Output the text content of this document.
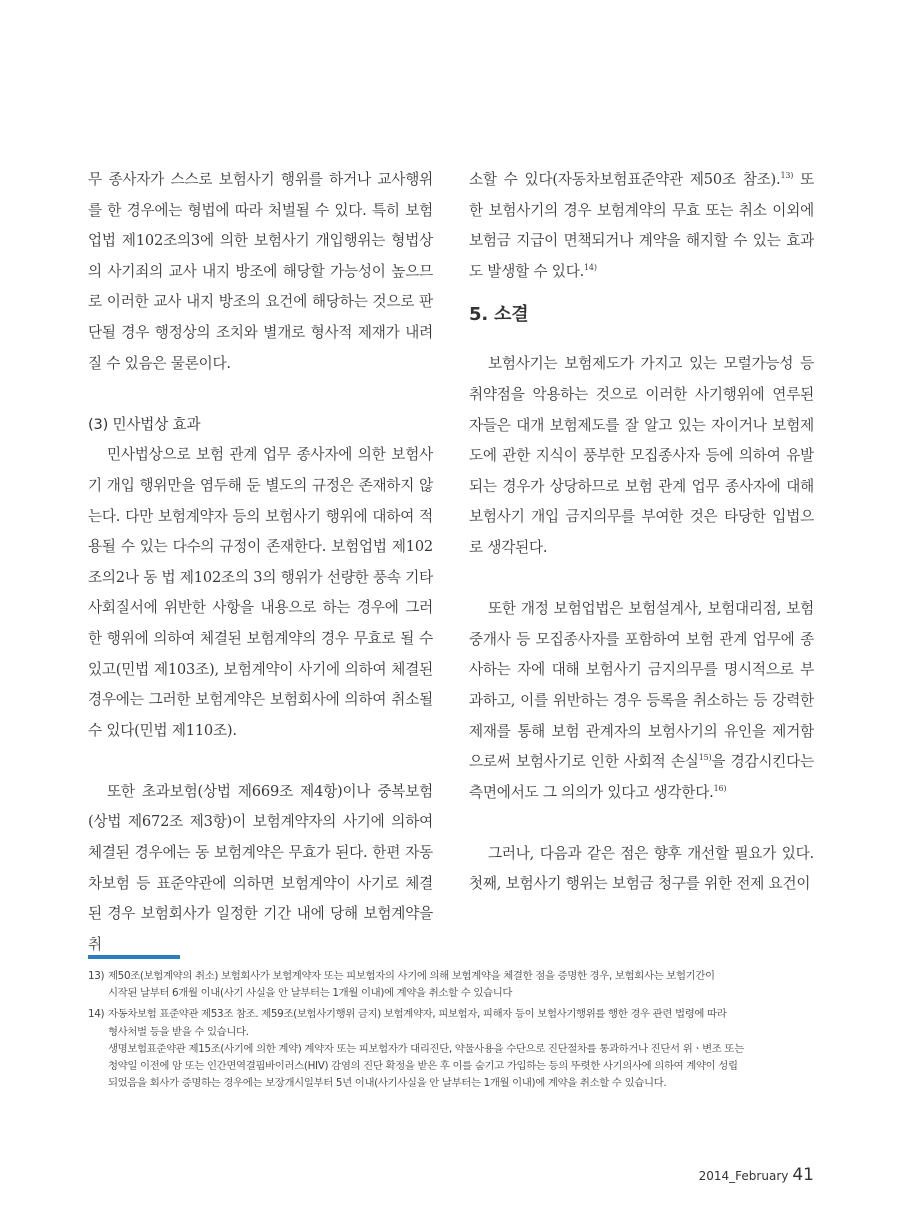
무 종사자가 스스로 보험사기 행위를 하거나 교사행위를 한 경우에는 형법에 따라 처벌될 수 있다. 특히 보험업법 제102조의3에 의한 보험사기 개입행위는 형법상의 사기죄의 교사 내지 방조에 해당할 가능성이 높으므로 이러한 교사 내지 방조의 요건에 해당하는 것으로 판단될 경우 행정상의 조치와 별개로 형사적 제재가 내려질 수 있음은 물론이다.

(3) 민사법상 효과

민사법상으로 보험 관계 업무 종사자에 의한 보험사기 개입 행위만을 염두해 둔 별도의 규정은 존재하지 않는다. 다만 보험계약자 등의 보험사기 행위에 대하여 적용될 수 있는 다수의 규정이 존재한다. 보험업법 제102조의2나 동 법 제102조의 3의 행위가 선량한 풍속 기타 사회질서에 위반한 사항을 내용으로 하는 경우에 그러한 행위에 의하여 체결된 보험계약의 경우 무효로 될 수 있고(민법 제103조), 보험계약이 사기에 의하여 체결된 경우에는 그러한 보험계약은 보험회사에 의하여 취소될 수 있다(민법 제110조).

또한 초과보험(상법 제669조 제4항)이나 중복보험(상법 제672조 제3항)이 보험계약자의 사기에 의하여 체결된 경우에는 동 보험계약은 무효가 된다. 한편 자동차보험 등 표준약관에 의하면 보험계약이 사기로 체결된 경우 보험회사가 일정한 기간 내에 당해 보험계약을 취

소할 수 있다(자동차보험표준약관 제50조 참조).$^{13)}$ 또한 보험사기의 경우 보험계약의 무효 또는 취소 이외에 보험금 지급이 면책되거나 계약을 해지할 수 있는 효과도 발생할 수 있다.$^{14)}$

5. 소결

보험사기는 보험제도가 가지고 있는 모럴가능성 등 취약점을 악용하는 것으로 이러한 사기행위에 연루된 자들은 대개 보험제도를 잘 알고 있는 자이거나 보험제도에 관한 지식이 풍부한 모집종사자 등에 의하여 유발되는 경우가 상당하므로 보험 관계 업무 종사자에 대해 보험사기 개입 금지의무를 부여한 것은 타당한 입법으로 생각된다.

또한 개정 보험업법은 보험설계사, 보험대리점, 보험중개사 등 모집종사자를 포함하여 보험 관계 업무에 종사하는 자에 대해 보험사기 금지의무를 명시적으로 부과하고, 이를 위반하는 경우 등록을 취소하는 등 강력한 제재를 통해 보험 관계자의 보험사기의 유인을 제거함으로써 보험사기로 인한 사회적 손실$^{15)}$을 경감시킨다는 측면에서도 그 의의가 있다고 생각한다.$^{16)}$

그러나, 다음과 같은 점은 향후 개선할 필요가 있다. 첫째, 보험사기 행위는 보험금 청구를 위한 전제 요건이

13) 제50조(보험계약의 취소) 보험회사가 보험계약자 또는 피보험자의 사기에 의해 보험계약을 체결한 점을 증명한 경우, 보험회사는 보험기간이
시작된 날부터 6개월 이내(사기 사실을 안 날부터는 1개월 이내)에 계약을 취소할 수 있습니다
14) 자동차보험 표준약관 제53조 참조. 제59조(보험사기행위 금지) 보험계약자, 피보험자, 피해자 등이 보험사기행위를 행한 경우 관련 법령에 따라
형사처벌 등을 받을 수 있습니다.
생명보험표준약관 제15조(사기에 의한 계약) 계약자 또는 피보험자가 대리진단, 약물사용을 수단으로 진단절차를 통과하거나 진단서 위ㆍ변조 또는
청약일 이전에 암 또는 인간면역결핍바이러스(HIV) 감염의 진단 확정을 받은 후 이를 숨기고 가입하는 등의 뚜렷한 사기의사에 의하여 계약이 성립
되었음을 회사가 증명하는 경우에는 보장개시일부터 5년 이내(사기사실을 안 날부터는 1개월 이내)에 계약을 취소할 수 있습니다.
2014_February 41
